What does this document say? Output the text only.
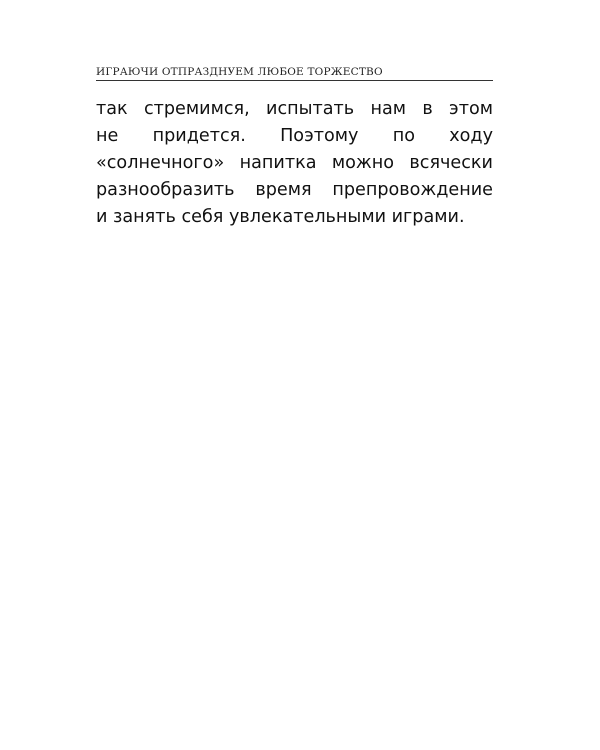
ИГРАЮЧИ ОТПРАЗДНУЕМ ЛЮБОЕ ТОРЖЕСТВО
так стремимся, испытать нам в этом
не придется. Поэтому по ходу
«солнечного» напитка можно всячески
разнообразить время препровождение
и занять себя увлекательными играми.
